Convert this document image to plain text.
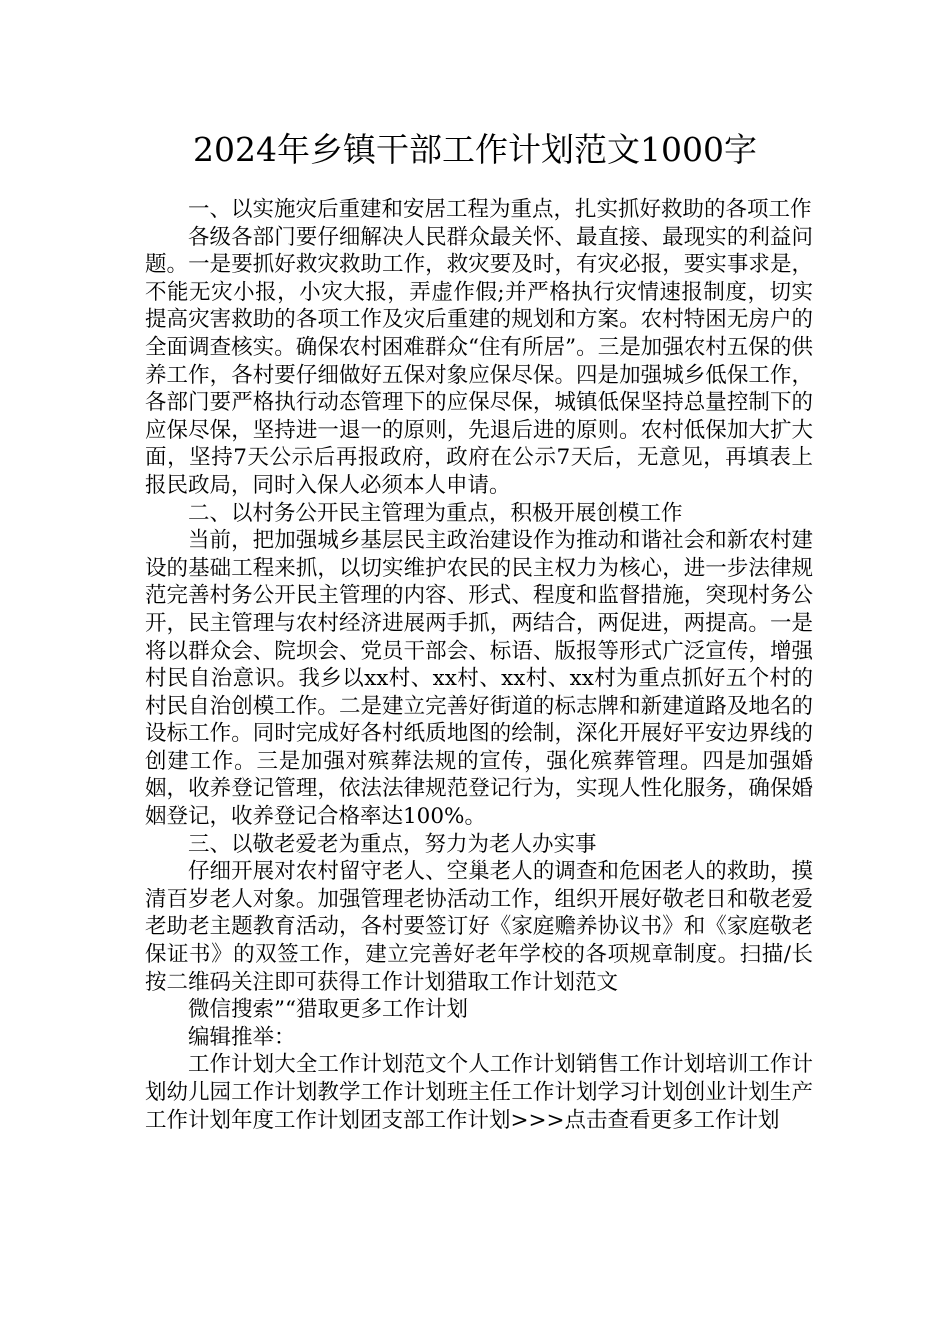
2024年乡镇干部工作计划范文1000字

一、以实施灾后重建和安居工程为重点，扎实抓好救助的各项工作

各级各部门要仔细解决人民群众最关怀、最直接、最现实的利益问题。一是要抓好救灾救助工作，救灾要及时，有灾必报，要实事求是，不能无灾小报，小灾大报，弄虚作假;并严格执行灾情速报制度，切实提高灾害救助的各项工作及灾后重建的规划和方案。农村特困无房户的全面调查核实。确保农村困难群众“住有所居”。三是加强农村五保的供养工作，各村要仔细做好五保对象应保尽保。四是加强城乡低保工作，各部门要严格执行动态管理下的应保尽保，城镇低保坚持总量控制下的应保尽保，坚持进一退一的原则，先退后进的原则。农村低保加大扩大面，坚持7天公示后再报政府，政府在公示7天后，无意见，再填表上报民政局，同时入保人必须本人申请。

二、以村务公开民主管理为重点，积极开展创模工作

当前，把加强城乡基层民主政治建设作为推动和谐社会和新农村建设的基础工程来抓，以切实维护农民的民主权力为核心，进一步法律规范完善村务公开民主管理的内容、形式、程度和监督措施，突现村务公开，民主管理与农村经济进展两手抓，两结合，两促进，两提高。一是将以群众会、院坝会、党员干部会、标语、版报等形式广泛宣传，增强村民自治意识。我乡以xx村、xx村、xx村、xx村为重点抓好五个村的村民自治创模工作。二是建立完善好街道的标志牌和新建道路及地名的设标工作。同时完成好各村纸质地图的绘制，深化开展好平安边界线的创建工作。三是加强对殡葬法规的宣传，强化殡葬管理。四是加强婚姻，收养登记管理，依法法律规范登记行为，实现人性化服务，确保婚姻登记，收养登记合格率达100%。

三、以敬老爱老为重点，努力为老人办实事

仔细开展对农村留守老人、空巢老人的调查和危困老人的救助，摸清百岁老人对象。加强管理老协活动工作，组织开展好敬老日和敬老爱老助老主题教育活动，各村要签订好《家庭赡养协议书》和《家庭敬老保证书》的双签工作，建立完善好老年学校的各项规章制度。扫描/长按二维码关注即可获得工作计划猎取工作计划范文

微信搜索”“猎取更多工作计划

编辑推举：

工作计划大全工作计划范文个人工作计划销售工作计划培训工作计划幼儿园工作计划教学工作计划班主任工作计划学习计划创业计划生产工作计划年度工作计划团支部工作计划>>>点击查看更多工作计划
